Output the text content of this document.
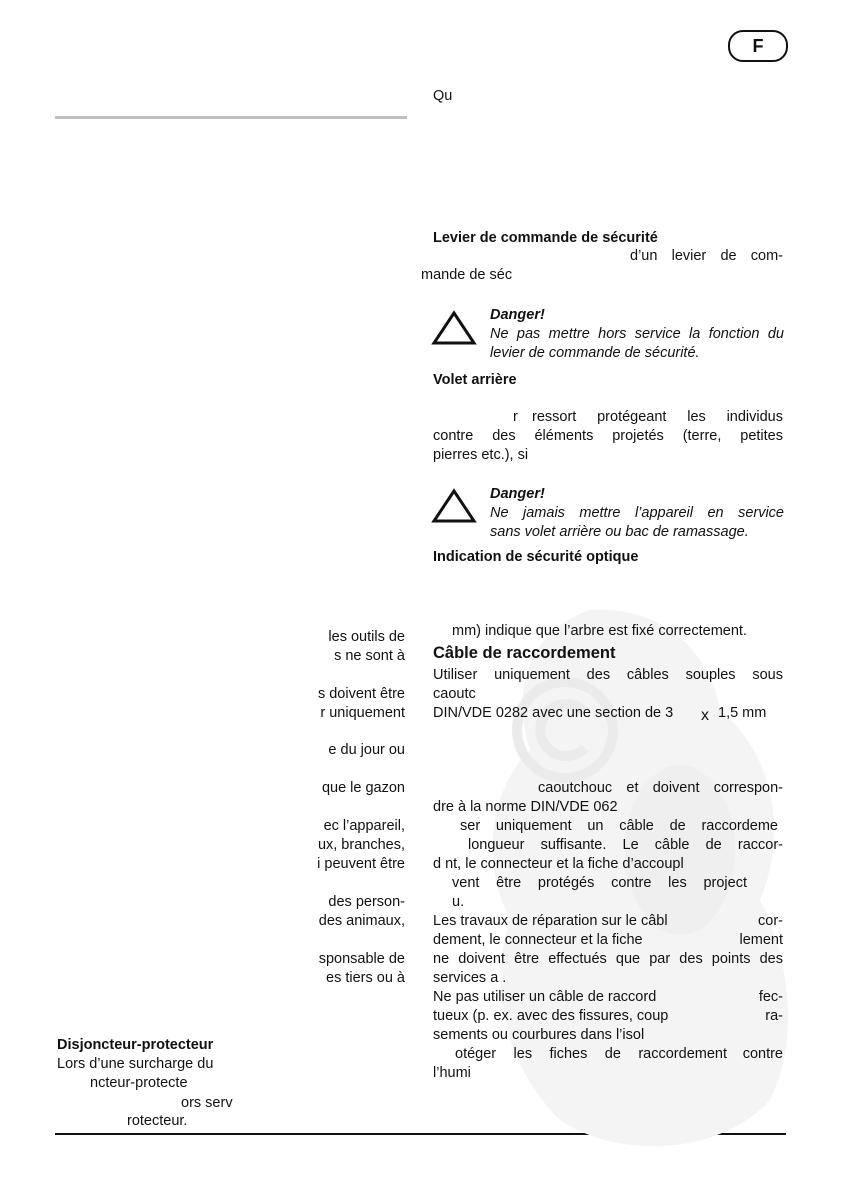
F
Qu
Levier de commande de sécurité
d’un levier de com-
mande de séc
Danger!
Ne pas mettre hors service la fonction du
levier de commande de sécurité.
Volet arrière
r ressort protégeant les individus
contre des éléments projetés (terre, petites
pierres etc.), si
Danger!
Ne jamais mettre l’appareil en service
sans volet arrière ou bac de ramassage.
Indication de sécurité optique
mm) indique que l’arbre est fixé correctement.
Câble de raccordement
Utiliser uniquement des câbles souples sous
caoutc
DIN/VDE 0282 avec une section de 3 x 1,5 mm
caoutchouc et doivent correspon-
dre à la norme DIN/VDE 062
ser uniquement un câble de raccordeme
longueur suffisante. Le câble de raccor-
d nt, le connecteur et la fiche d’accoupl
vent être protégés contre les project
u.
Les travaux de réparation sur le câbl	cor-
dement, le connecteur et la fiche	lement
ne doivent être effectués que par des points des
services a .
Ne pas utiliser un câble de raccord	fec-
tueux (p. ex. avec des fissures, coup	ra-
sements ou courbures dans l’isol
otéger les fiches de raccordement	contre
l’humi
les outils de
s ne sont à
s doivent être
r uniquement
e du jour ou
que le gazon
ec l’appareil,
ux, branches,
i peuvent être
des person-
des animaux,
sponsable de
es tiers ou à
Disjoncteur-protecteur
Lors d’une surcharge du
ncteur-protecte
ors serv
rotecteur.
